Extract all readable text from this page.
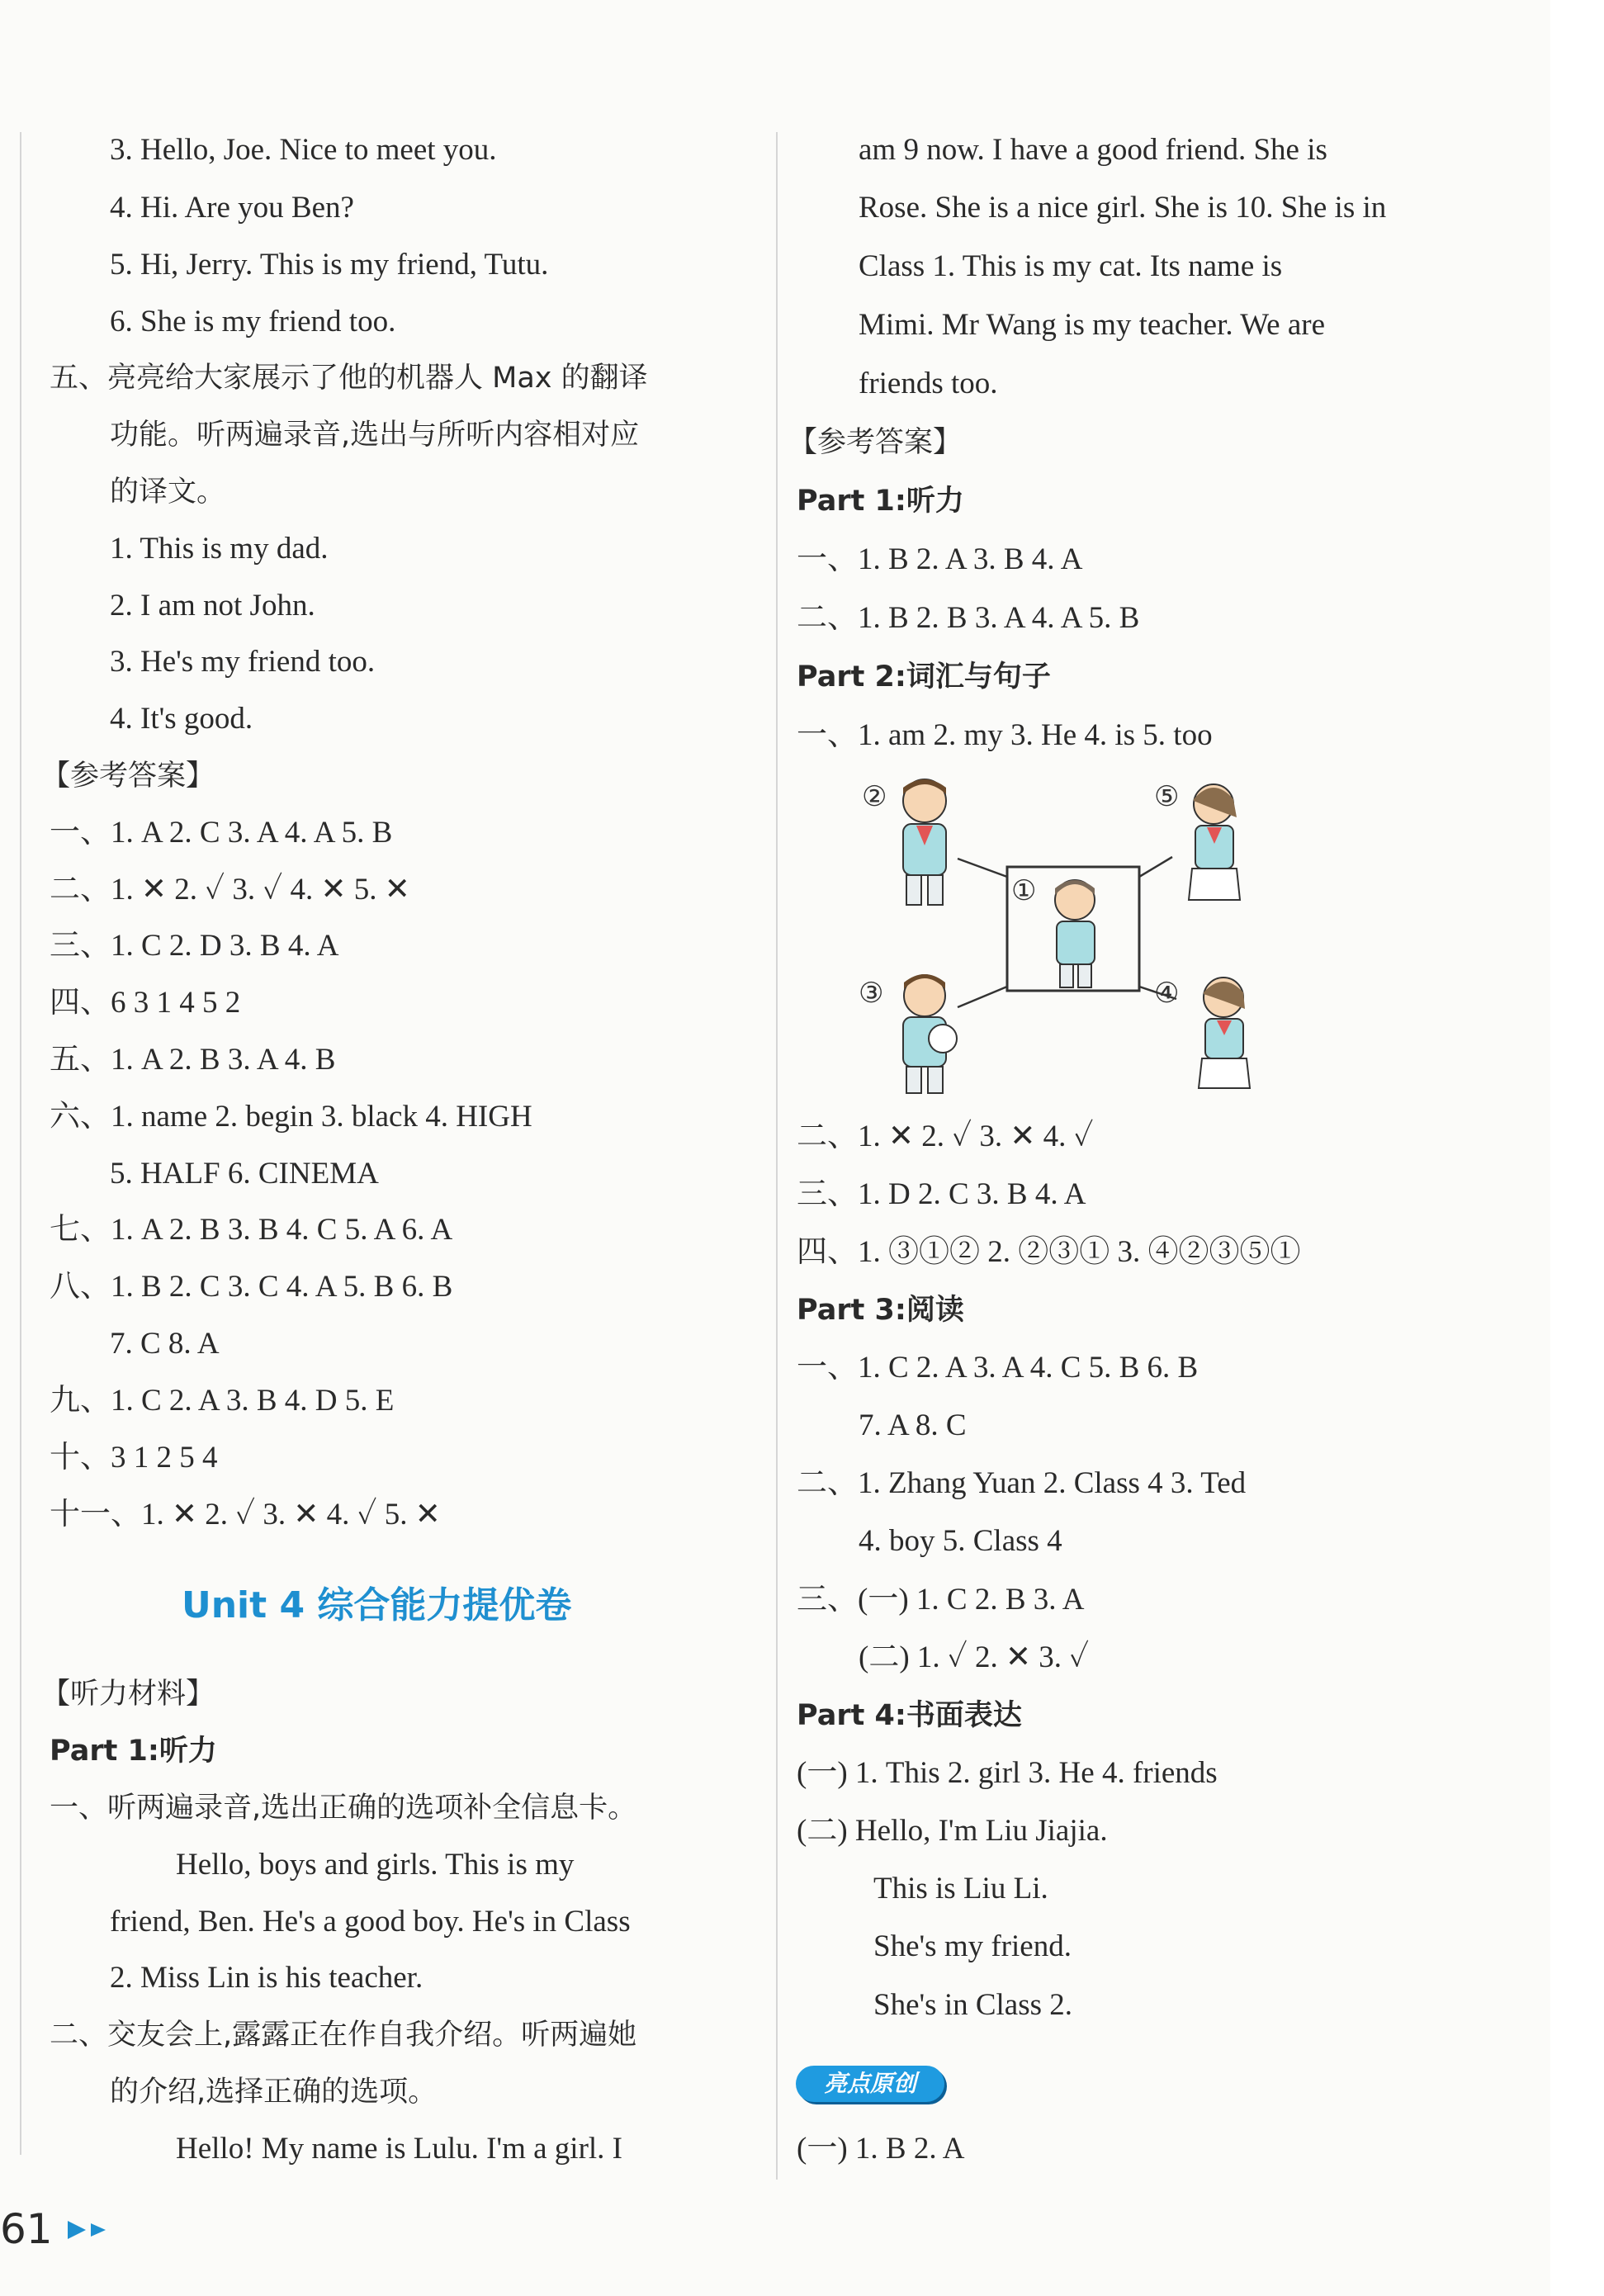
3. Hello, Joe. Nice to meet you.
4. Hi. Are you Ben?
5. Hi, Jerry. This is my friend, Tutu.
6. She is my friend too.
五、亮亮给大家展示了他的机器人 Max 的翻译
功能。听两遍录音,选出与所听内容相对应
的译文。
1. This is my dad.
2. I am not John.
3. He's my friend too.
4. It's good.
【参考答案】
一、1. A 2. C 3. A 4. A 5. B
二、1. ✕ 2. ✓ 3. ✓ 4. ✕ 5. ✕
三、1. C 2. D 3. B 4. A
四、6 3 1 4 5 2
五、1. A 2. B 3. A 4. B
六、1. name 2. begin 3. black 4. HIGH
5. HALF 6. CINEMA
七、1. A 2. B 3. B 4. C 5. A 6. A
八、1. B 2. C 3. C 4. A 5. B 6. B
7. C 8. A
九、1. C 2. A 3. B 4. D 5. E
十、3 1 2 5 4
十一、1. ✕ 2. ✓ 3. ✕ 4. ✓ 5. ✕
Unit 4 综合能力提优卷
【听力材料】
Part 1:听力
一、听两遍录音,选出正确的选项补全信息卡。
Hello, boys and girls. This is my
friend, Ben. He's a good boy. He's in Class
2. Miss Lin is his teacher.
二、交友会上,露露正在作自我介绍。听两遍她
的介绍,选择正确的选项。
Hello! My name is Lulu. I'm a girl. I
am 9 now. I have a good friend. She is
Rose. She is a nice girl. She is 10. She is in
Class 1. This is my cat. Its name is
Mimi. Mr Wang is my teacher. We are
friends too.
【参考答案】
Part 1:听力
一、1. B 2. A 3. B 4. A
二、1. B 2. B 3. A 4. A 5. B
Part 2:词汇与句子
一、1. am 2. my 3. He 4. is 5. too
②
①
③	④
⑤
二、1. ✕ 2. ✓ 3. ✕ 4. ✓
三、1. D 2. C 3. B 4. A
四、1. ③①② 2. ②③① 3. ④②③⑤①
Part 3:阅读
一、1. C 2. A 3. A 4. C 5. B 6. B
7. A 8. C
二、1. Zhang Yuan 2. Class 4 3. Ted
4. boy 5. Class 4
三、(一) 1. C 2. B 3. A
(二) 1. ✓ 2. ✕ 3. ✓
Part 4:书面表达
(一) 1. This 2. girl 3. He 4. friends
(二) Hello, I'm Liu Jiajia.
This is Liu Li.
She's my friend.
She's in Class 2.
亮点原创
(一) 1. B 2. A
61	►►
